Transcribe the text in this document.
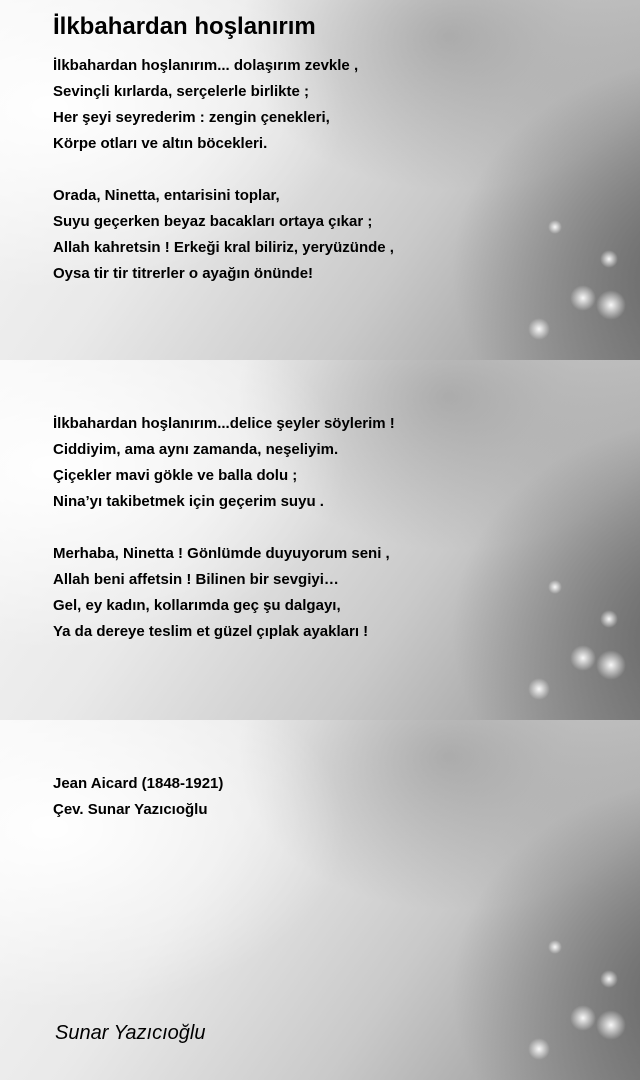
İlkbahardan hoşlanırım
İlkbahardan hoşlanırım... dolaşırım zevkle ,
Sevinçli kırlarda, serçelerle birlikte ;
Her şeyi seyrederim : zengin çenekleri,
Körpe otları ve altın böcekleri.
Orada, Ninetta, entarisini toplar,
Suyu geçerken beyaz bacakları ortaya çıkar ;
Allah kahretsin ! Erkeği kral biliriz, yeryüzünde ,
Oysa tir tir titrerler o ayağın önünde!
İlkbahardan hoşlanırım...delice şeyler söylerim !
Ciddiyim, ama aynı zamanda, neşeliyim.
Çiçekler mavi gökle ve balla dolu ;
Nina’yı takibetmek için geçerim suyu .
Merhaba, Ninetta ! Gönlümde duyuyorum seni ,
Allah beni affetsin ! Bilinen bir sevgiyi…
Gel, ey kadın, kollarımda geç şu dalgayı,
Ya da dereye teslim et güzel çıplak ayakları !
Jean Aicard (1848-1921)
Çev. Sunar Yazıcıoğlu
Sunar Yazıcıoğlu
